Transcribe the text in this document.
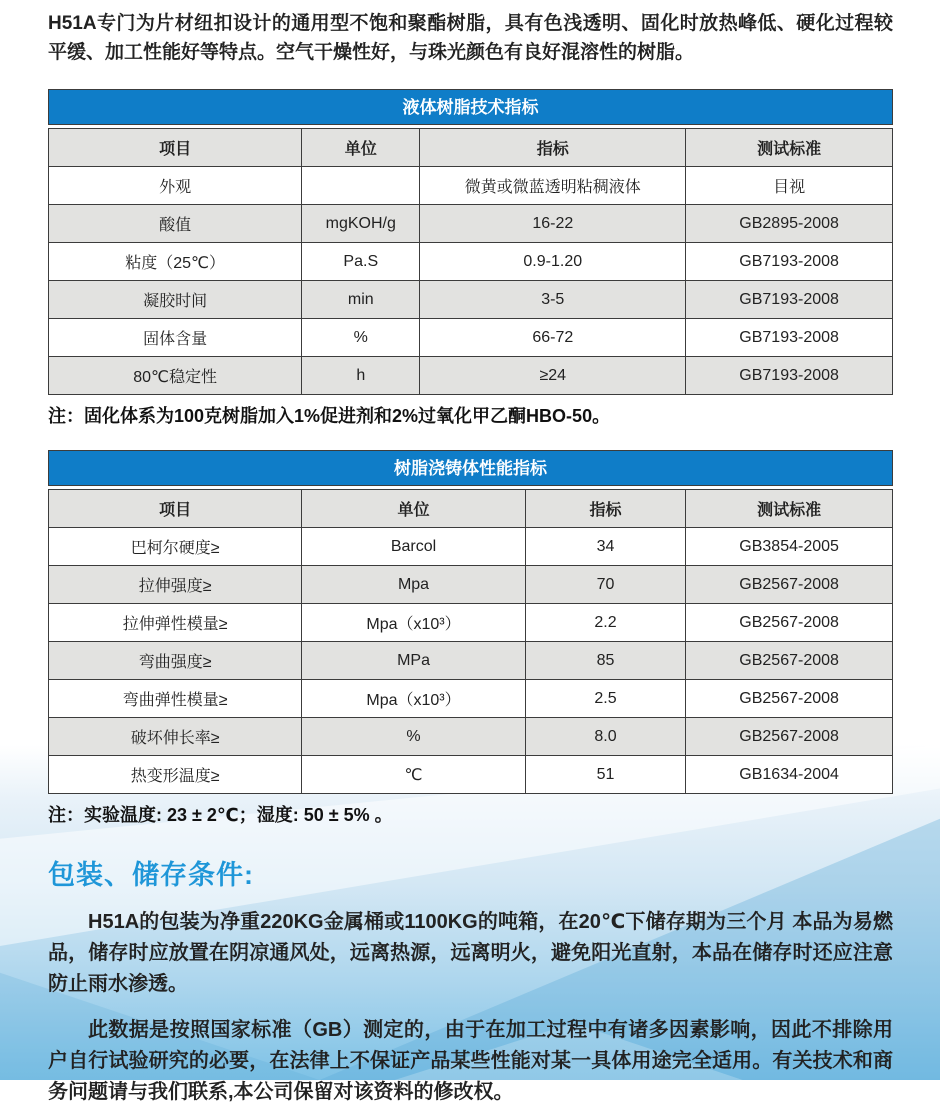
H51A专门为片材纽扣设计的通用型不饱和聚酯树脂，具有色浅透明、固化时放热峰低、硬化过程较平缓、加工性能好等特点。空气干燥性好，与珠光颜色有良好混溶性的树脂。

液体树脂技术指标
项目	单位	指标	测试标准
外观		微黄或微蓝透明粘稠液体	目视
酸值	mgKOH/g	16-22	GB2895-2008
粘度（25℃）	Pa.S	0.9-1.20	GB7193-2008
凝胶时间	min	3-5	GB7193-2008
固体含量	%	66-72	GB7193-2008
80℃稳定性	h	≥24	GB7193-2008

注：固化体系为100克树脂加入1%促进剂和2%过氧化甲乙酮HBO-50。

树脂浇铸体性能指标
项目	单位	指标	测试标准
巴柯尔硬度≥	Barcol	34	GB3854-2005
拉伸强度≥	Mpa	70	GB2567-2008
拉伸弹性模量≥	Mpa（x10³）	2.2	GB2567-2008
弯曲强度≥	MPa	85	GB2567-2008
弯曲弹性模量≥	Mpa（x10³）	2.5	GB2567-2008
破坏伸长率≥	%	8.0	GB2567-2008
热变形温度≥	℃	51	GB1634-2004

注：实验温度: 23 ± 2℃；湿度: 50 ± 5% 。

包装、储存条件:

H51A的包装为净重220KG金属桶或1100KG的吨箱，在20℃下储存期为三个月 本品为易燃品，储存时应放置在阴凉通风处，远离热源，远离明火，避免阳光直射，本品在储存时还应注意防止雨水渗透。

此数据是按照国家标准（GB）测定的，由于在加工过程中有诸多因素影响，因此不排除用户自行试验研究的必要，在法律上不保证产品某些性能对某一具体用途完全适用。有关技术和商务问题请与我们联系,本公司保留对该资料的修改权。
